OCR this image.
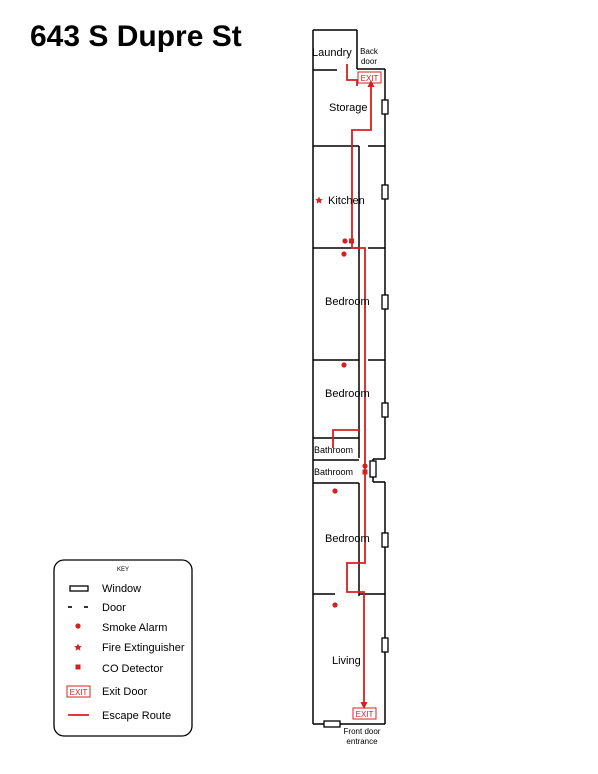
643 S Dupre St
EXIT
EXIT
Laundry
Storage
Kitchen
Bedroom
Bedroom
Bathroom
Bathroom
Bedroom
Living
Back
door
Front door
entrance
KEY
Window
Door
Smoke Alarm
Fire Extinguisher
CO Detector
EXIT Exit Door
Escape Route
